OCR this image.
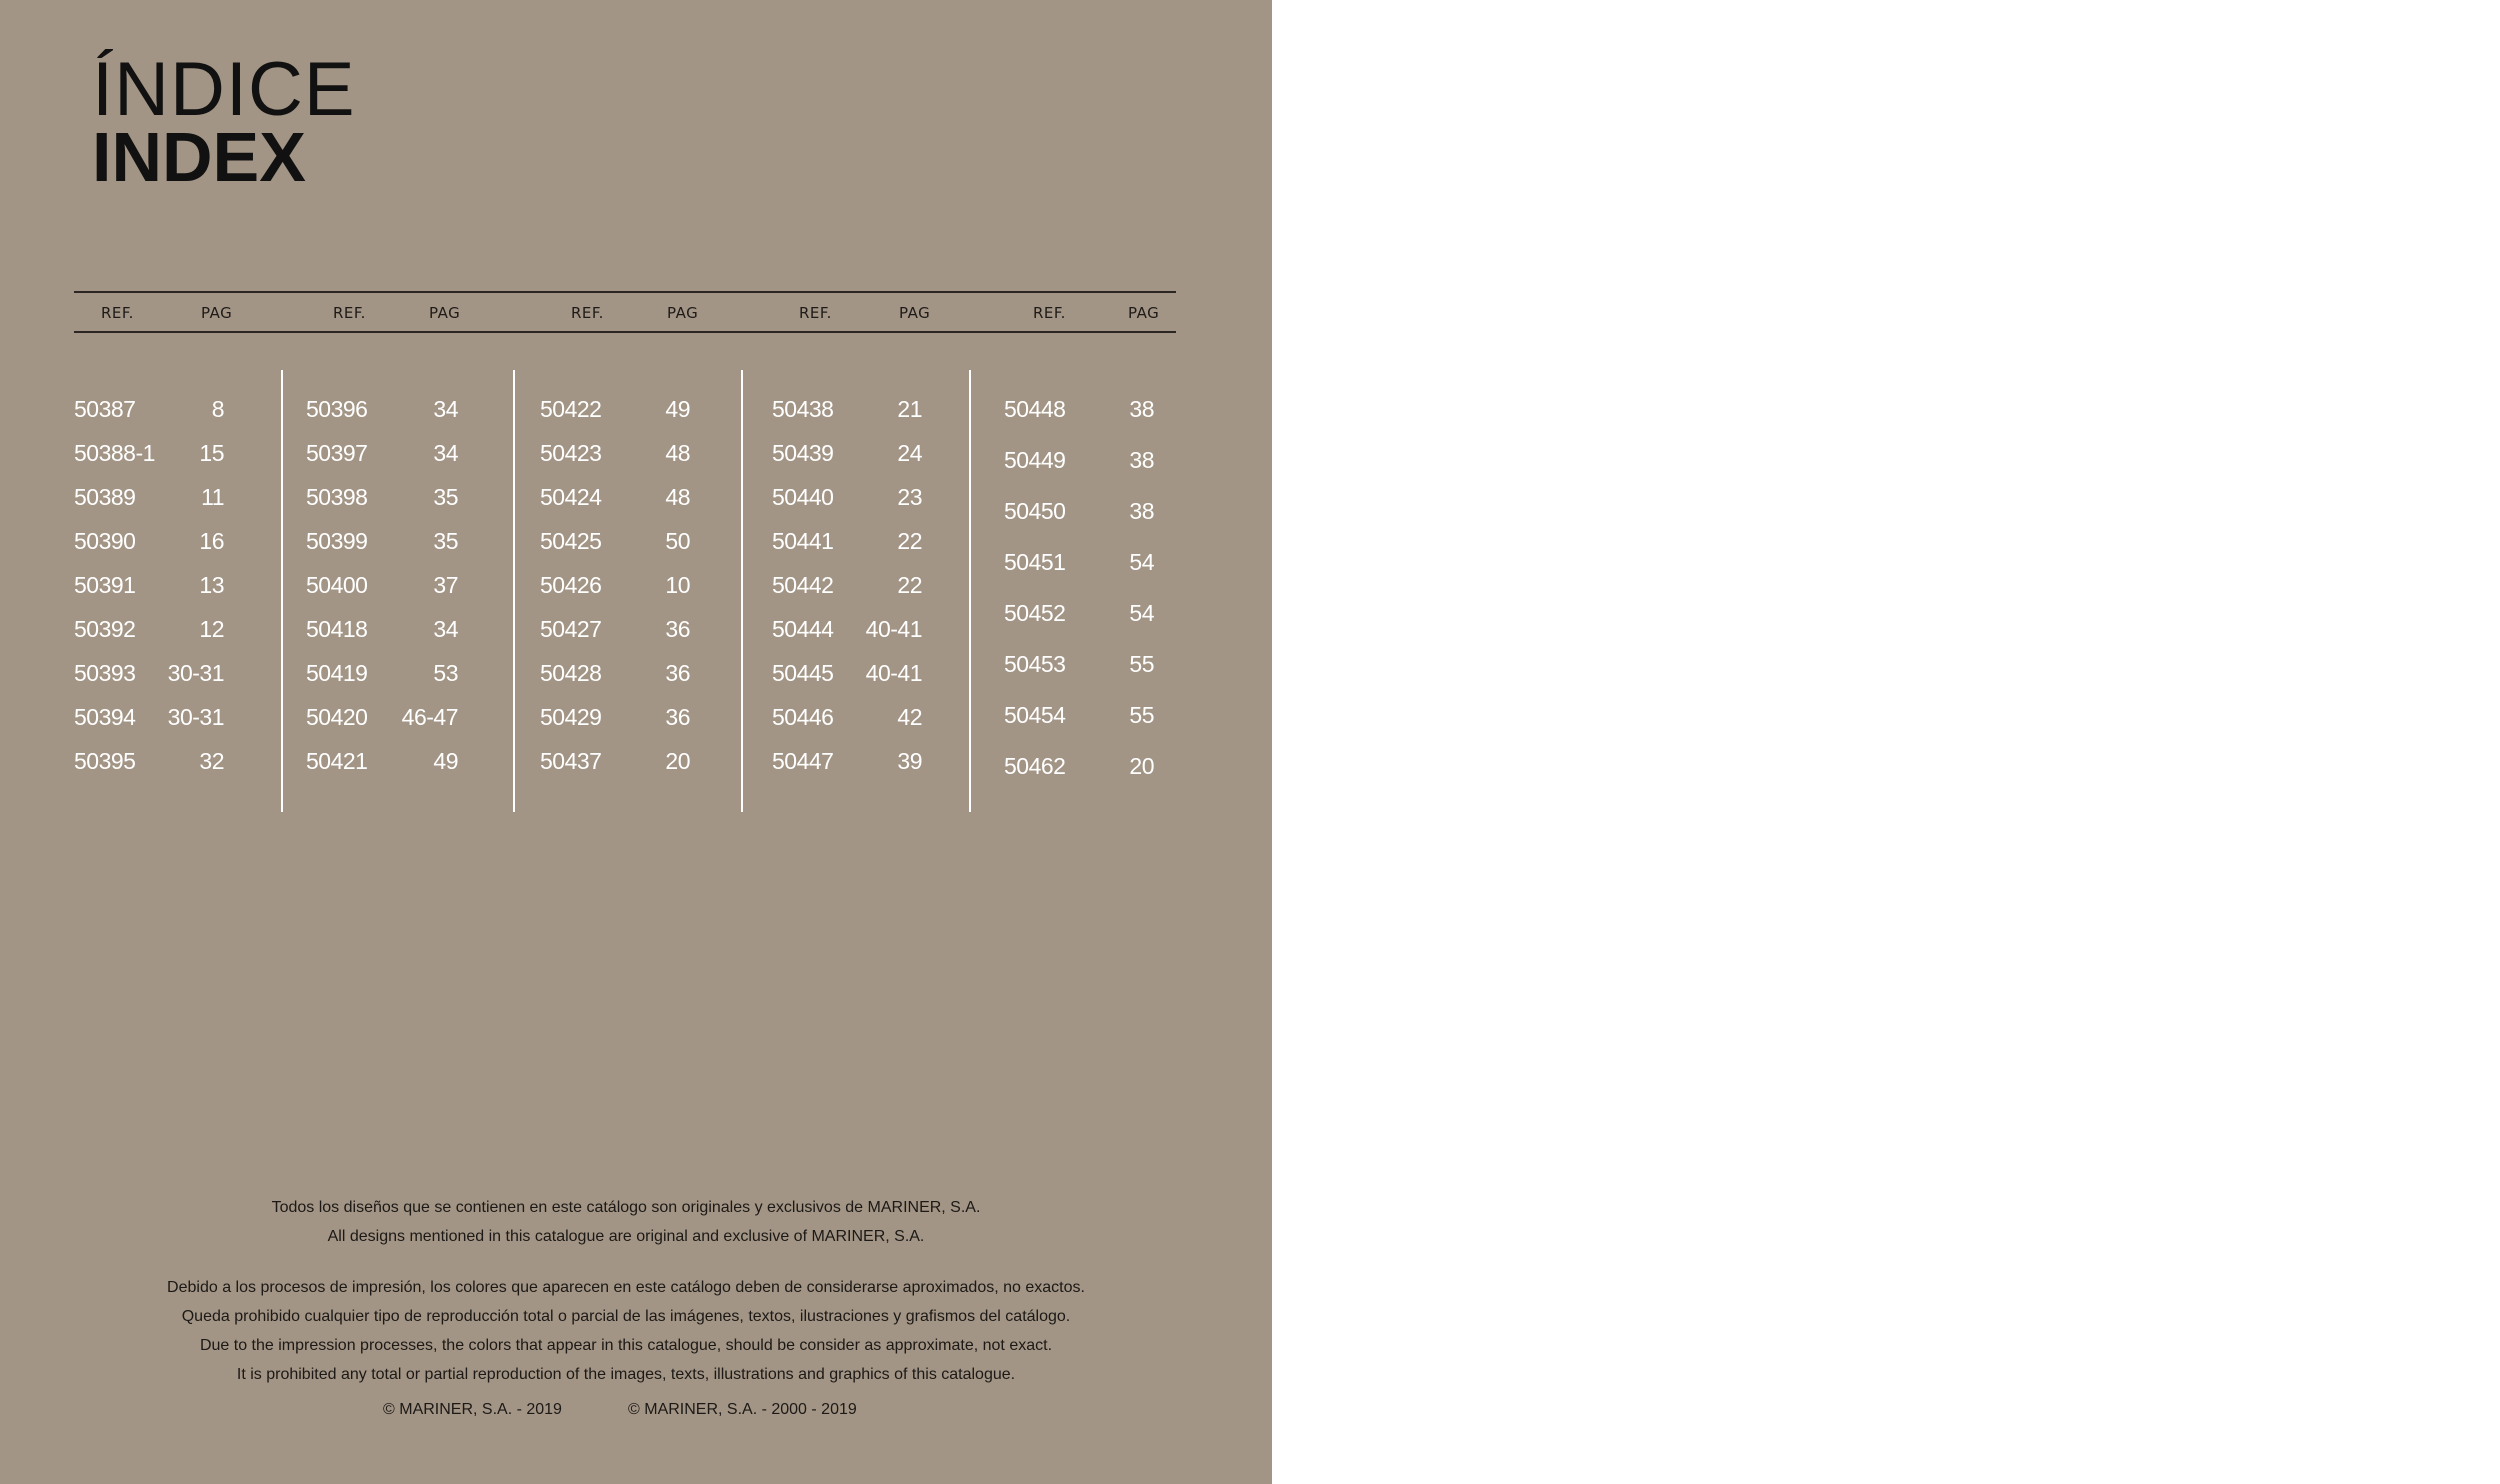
ÍNDICE
INDEX
REF.	PAG	REF.	PAG	REF.	PAG	REF.	PAG	REF.	PAG
50387	8
50388-1 15
50389	11
50390	16
50391	13
50392	12
50393 30-31
50394 30-31
50395	32
50396	34
50397	34
50398	35
50399	35
50400	37
50418	34
50419	53
50420 46-47
50421	49
50422	49
50423	48
50424	48
50425	50
50426	10
50427	36
50428	36
50429	36
50437	20
50438	21
50439	24
50440	23
50441	22
50442	22
50444 40-41
50445 40-41
50446	42
50447	39
50448	38
50449	38
50450	38
50451	54
50452	54
50453	55
50454	55
50462	20

Todos los diseños que se contienen en este catálogo son originales y exclusivos de MARINER, S.A.

All designs mentioned in this catalogue are original and exclusive of MARINER, S.A.

Debido a los procesos de impresión, los colores que aparecen en este catálogo deben de considerarse aproximados, no exactos.

Queda prohibido cualquier tipo de reproducción total o parcial de las imágenes, textos, ilustraciones y grafismos del catálogo.

Due to the impression processes, the colors that appear in this catalogue, should be consider as approximate, not exact.

It is prohibited any total or partial reproduction of the images, texts, illustrations and graphics of this catalogue.

© MARINER, S.A. - 2019	© MARINER, S.A. - 2000 - 2019
